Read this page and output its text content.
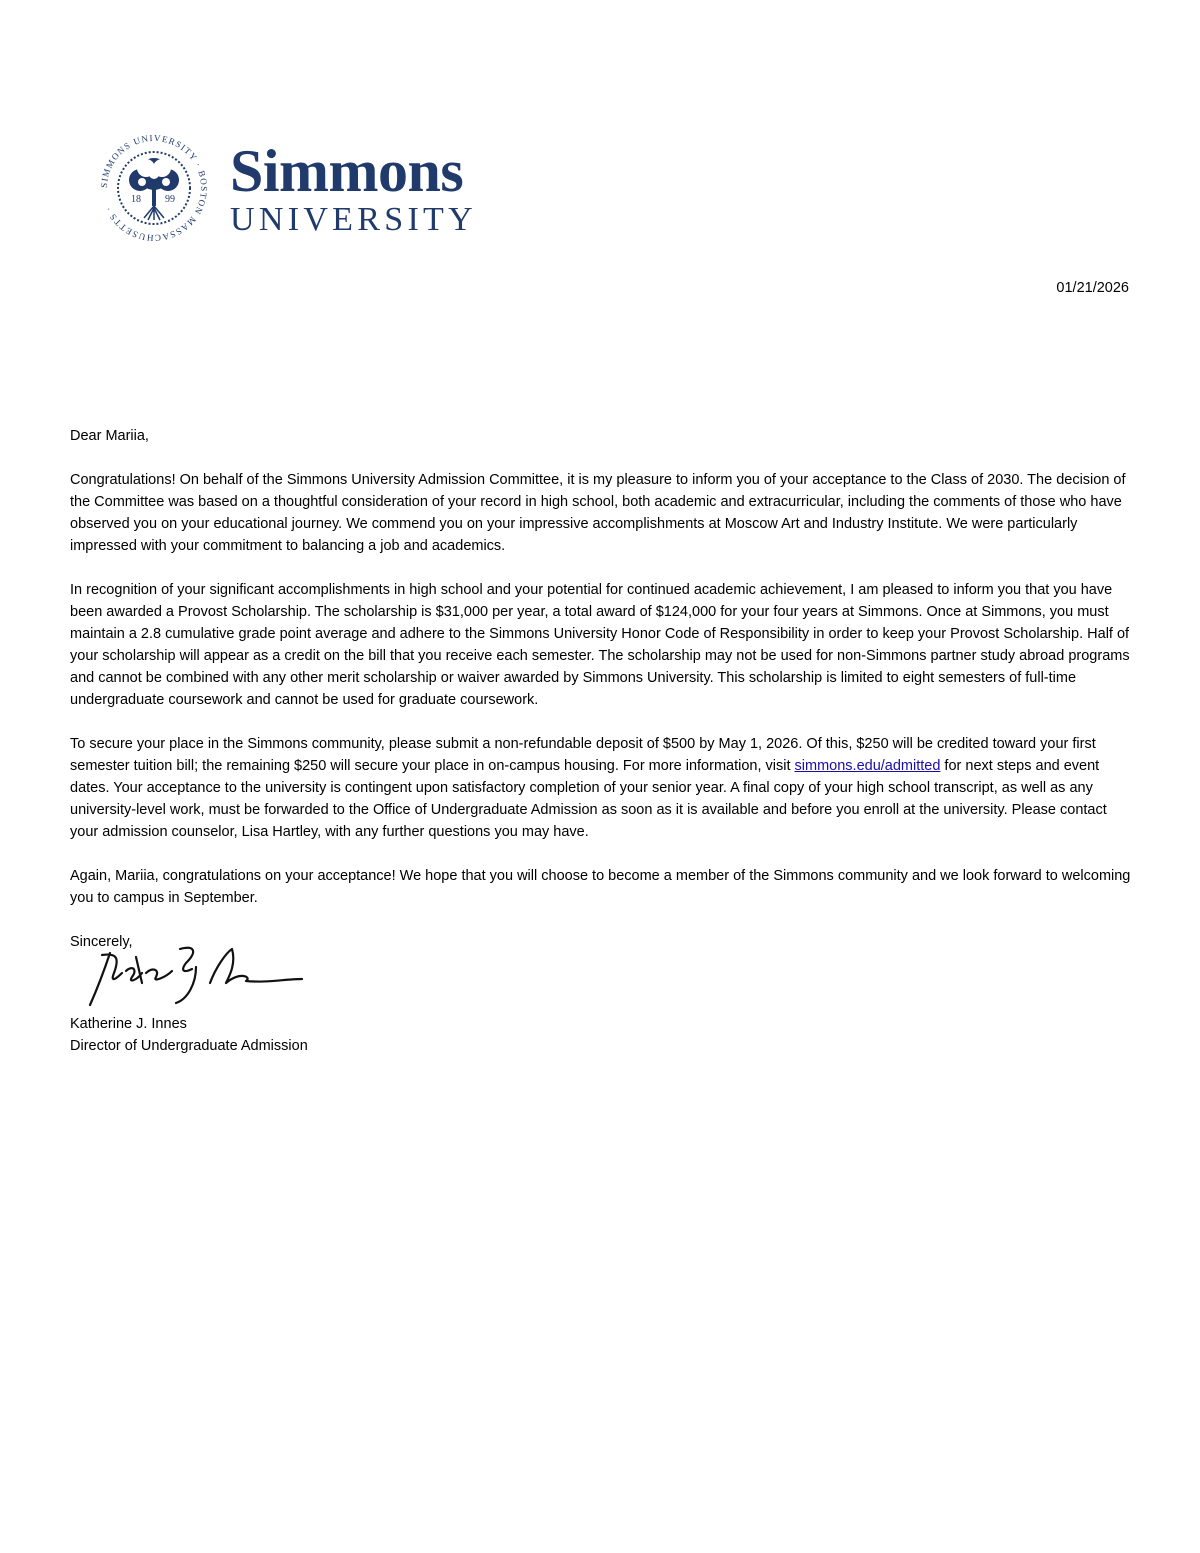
SIMMONS UNIVERSITY · BOSTON MASSACHUSETTS ·
18 99 Simmons
UNIVERSITY
01/21/2026

Dear Mariia,

Congratulations! On behalf of the Simmons University Admission Committee, it is my pleasure to inform you of your acceptance to the Class of 2030. The decision of the Committee was based on a thoughtful consideration of your record in high school, both academic and extracurricular, including the comments of those who have observed you on your educational journey. We commend you on your impressive accomplishments at Moscow Art and Industry Institute. We were particularly impressed with your commitment to balancing a job and academics.

In recognition of your significant accomplishments in high school and your potential for continued academic achievement, I am pleased to inform you that you have been awarded a Provost Scholarship. The scholarship is $31,000 per year, a total award of $124,000 for your four years at Simmons. Once at Simmons, you must maintain a 2.8 cumulative grade point average and adhere to the Simmons University Honor Code of Responsibility in order to keep your Provost Scholarship. Half of your scholarship will appear as a credit on the bill that you receive each semester. The scholarship may not be used for non-Simmons partner study abroad programs and cannot be combined with any other merit scholarship or waiver awarded by Simmons University. This scholarship is limited to eight semesters of full-time undergraduate coursework and cannot be used for graduate coursework.

To secure your place in the Simmons community, please submit a non-refundable deposit of $500 by May 1, 2026. Of this, $250 will be credited toward your first semester tuition bill; the remaining $250 will secure your place in on-campus housing. For more information, visit simmons.edu/admitted for next steps and event dates. Your acceptance to the university is contingent upon satisfactory completion of your senior year. A final copy of your high school transcript, as well as any university-level work, must be forwarded to the Office of Undergraduate Admission as soon as it is available and before you enroll at the university. Please contact your admission counselor, Lisa Hartley, with any further questions you may have.

Again, Mariia, congratulations on your acceptance! We hope that you will choose to become a member of the Simmons community and we look forward to welcoming you to campus in September.

Sincerely,

Katherine J. Innes

Director of Undergraduate Admission
